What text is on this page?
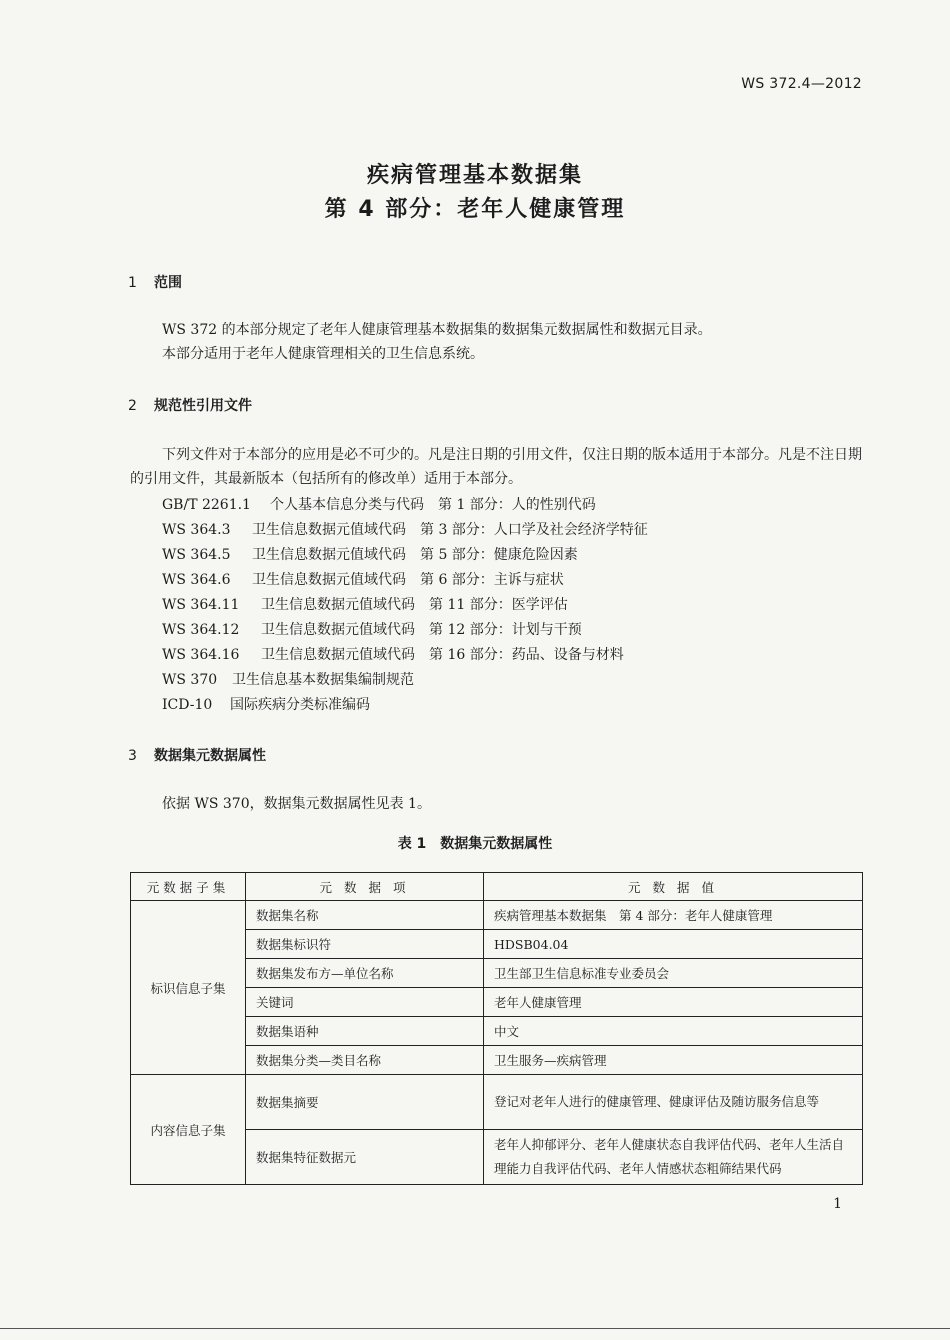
WS 372.4—2012
疾病管理基本数据集
第 4 部分：老年人健康管理
1 范围
WS 372 的本部分规定了老年人健康管理基本数据集的数据集元数据属性和数据元目录。
本部分适用于老年人健康管理相关的卫生信息系统。
2 规范性引用文件
下列文件对于本部分的应用是必不可少的。凡是注日期的引用文件，仅注日期的版本适用于本部分。凡是不注日期的引用文件，其最新版本（包括所有的修改单）适用于本部分。
GB/T 2261.1 个人基本信息分类与代码　第 1 部分：人的性别代码
WS 364.3 卫生信息数据元值域代码　第 3 部分：人口学及社会经济学特征
WS 364.5 卫生信息数据元值域代码　第 5 部分：健康危险因素
WS 364.6 卫生信息数据元值域代码　第 6 部分：主诉与症状
WS 364.11 卫生信息数据元值域代码　第 11 部分：医学评估
WS 364.12 卫生信息数据元值域代码　第 12 部分：计划与干预
WS 364.16 卫生信息数据元值域代码　第 16 部分：药品、设备与材料
WS 370 卫生信息基本数据集编制规范
ICD-10 国际疾病分类标准编码
3 数据集元数据属性
依据 WS 370，数据集元数据属性见表 1。
表 1　数据集元数据属性
元数据子集	元 数 据 项	元 数 据 值
标识信息子集	数据集名称	疾病管理基本数据集　第 4 部分：老年人健康管理
	数据集标识符	HDSB04.04
	数据集发布方—单位名称	卫生部卫生信息标准专业委员会
	关键词	老年人健康管理
	数据集语种	中文
	数据集分类—类目名称	卫生服务—疾病管理
内容信息子集	数据集摘要	登记对老年人进行的健康管理、健康评估及随访服务信息等
	数据集特征数据元	老年人抑郁评分、老年人健康状态自我评估代码、老年人生活自理能力自我评估代码、老年人情感状态粗筛结果代码
1
